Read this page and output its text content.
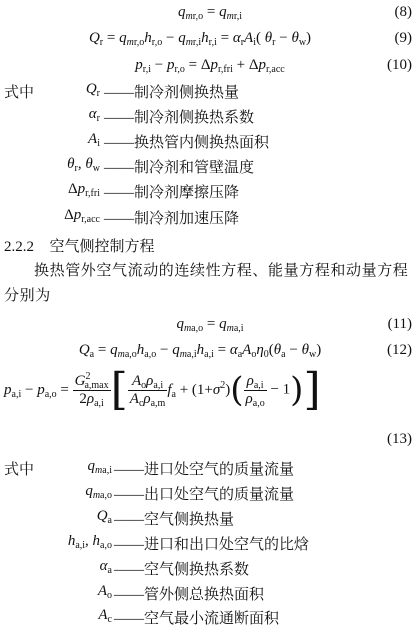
$q_{mr,o} = q_{mr,i}$	(8)
$Q_r = q_{mr,o}h_{r,o} - q_{mr,i}h_{r,i} = \alpha_rA_i$( $\theta_r - \theta_w$)	(9)
$p_{r,i} - p_{r,o} = \Delta p_{r,fri} + \Delta p_{r,acc}$	(10)
式中	$Q_r$ ——制冷剂侧换热量
$\alpha_r$ ——制冷剂侧换热系数
$A_i$ ——换热管内侧换热面积
$\theta_r$, $\theta_w$ ——制冷剂和管壁温度
$\Delta p_{r,fri}$ ——制冷剂摩擦压降
$\Delta p_{r,acc}$ ——制冷剂加速压降
2.2.2 空气侧控制方程
换热管外空气流动的连续性方程、能量方程和动量方程分别为
$q_{ma,o} = q_{ma,i}$	(11)
$Q_a = q_{ma,o}h_{a,o} - q_{ma,i}h_{a,i} = \alpha_aA_o\eta_0(\theta_a - \theta_w)$	(12)
$p_{a,i} - p_{a,o} = \frac{G^2_{a,max}}{2\rho_{a,i}}$ [ $\frac{A_o\rho_{a,i}}{A_c\rho_{a,m}} f_a + (1+\sigma^2)( \frac{\rho_{a,i}}{\rho_{a,o}} - 1)$]
(13)
式中	$q_{ma,i}$ ——进口处空气的质量流量
$q_{ma,o}$ ——出口处空气的质量流量
$Q_a$ ——空气侧换热量
$h_{a,i}$, $h_{a,o}$ ——进口和出口处空气的比焓
$\alpha_a$ ——空气侧换热系数
$A_o$ ——管外侧总换热面积
$A_c$ ——空气最小流通断面积
